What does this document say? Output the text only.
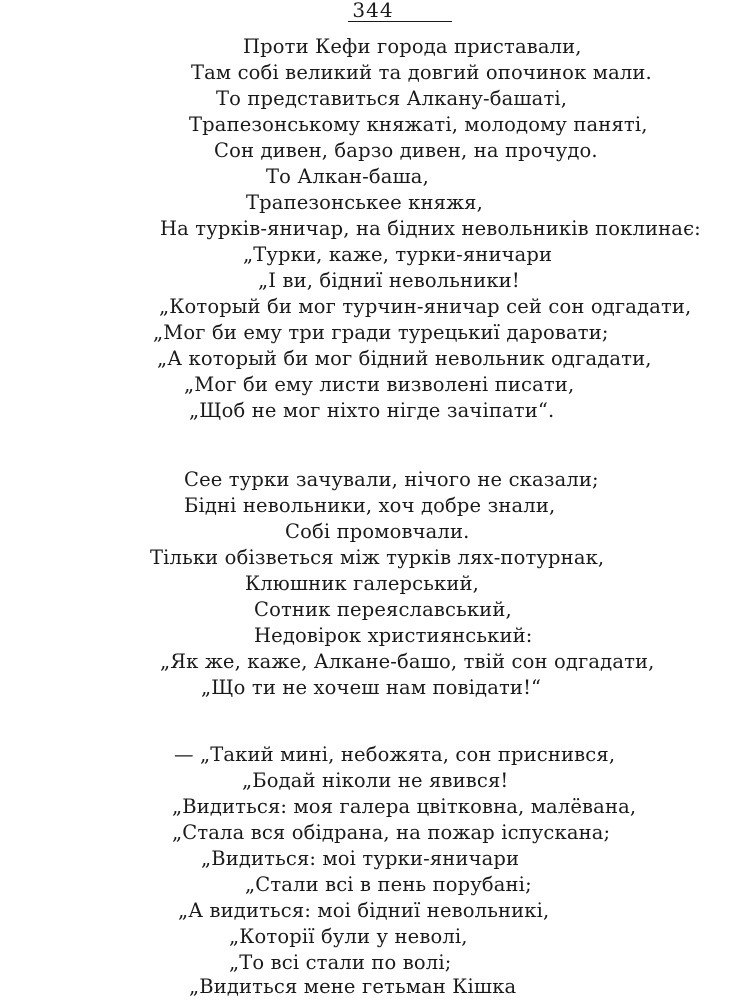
344
Проти Кефи города приставали,
Там собі великий та довгий опочинок мали.
То представиться Алкану-башаті,
Трапезонському княжаті, молодому паняті,
Сон дивен, барзо дивен, на прочудо.
То Алкан-баша,
Трапезонськее княжя,
На турків-яничар, на бідних невольників поклинає:
„Турки, каже, турки-яничари
„І ви, бідниї невольники!
„Который би мог турчин-яничар сей сон одгадати,
„Мог би ему три гради турецькиї даровати;
„А который би мог бідний невольник одгадати,
„Мог би ему листи визволені писати,
„Щоб не мог ніхто нігде зачіпати“.
Сее турки зачували, нічого не сказали;
Бідні невольники, хоч добре знали,
Собі промовчали.
Тільки обізветься між турків лях-потурнак,
Клюшник галерський,
Сотник переяславський,
Недовірок християнський:
„Як же, каже, Алкане-башо, твій сон одгадати,
„Що ти не хочеш нам повідати!“
— „Такий мині, небожята, сон приснився,
„Бодай ніколи не явився!
„Видиться: моя галера цвітковна, малёвана,
„Стала вся обідрана, на пожар іспускана;
„Видиться: моі турки-яничари
„Стали всі в пень порубані;
„А видиться: моі бідниї невольникі,
„Которії були у неволі,
„То всі стали по волі;
„Видиться мене гетьман Кішка
